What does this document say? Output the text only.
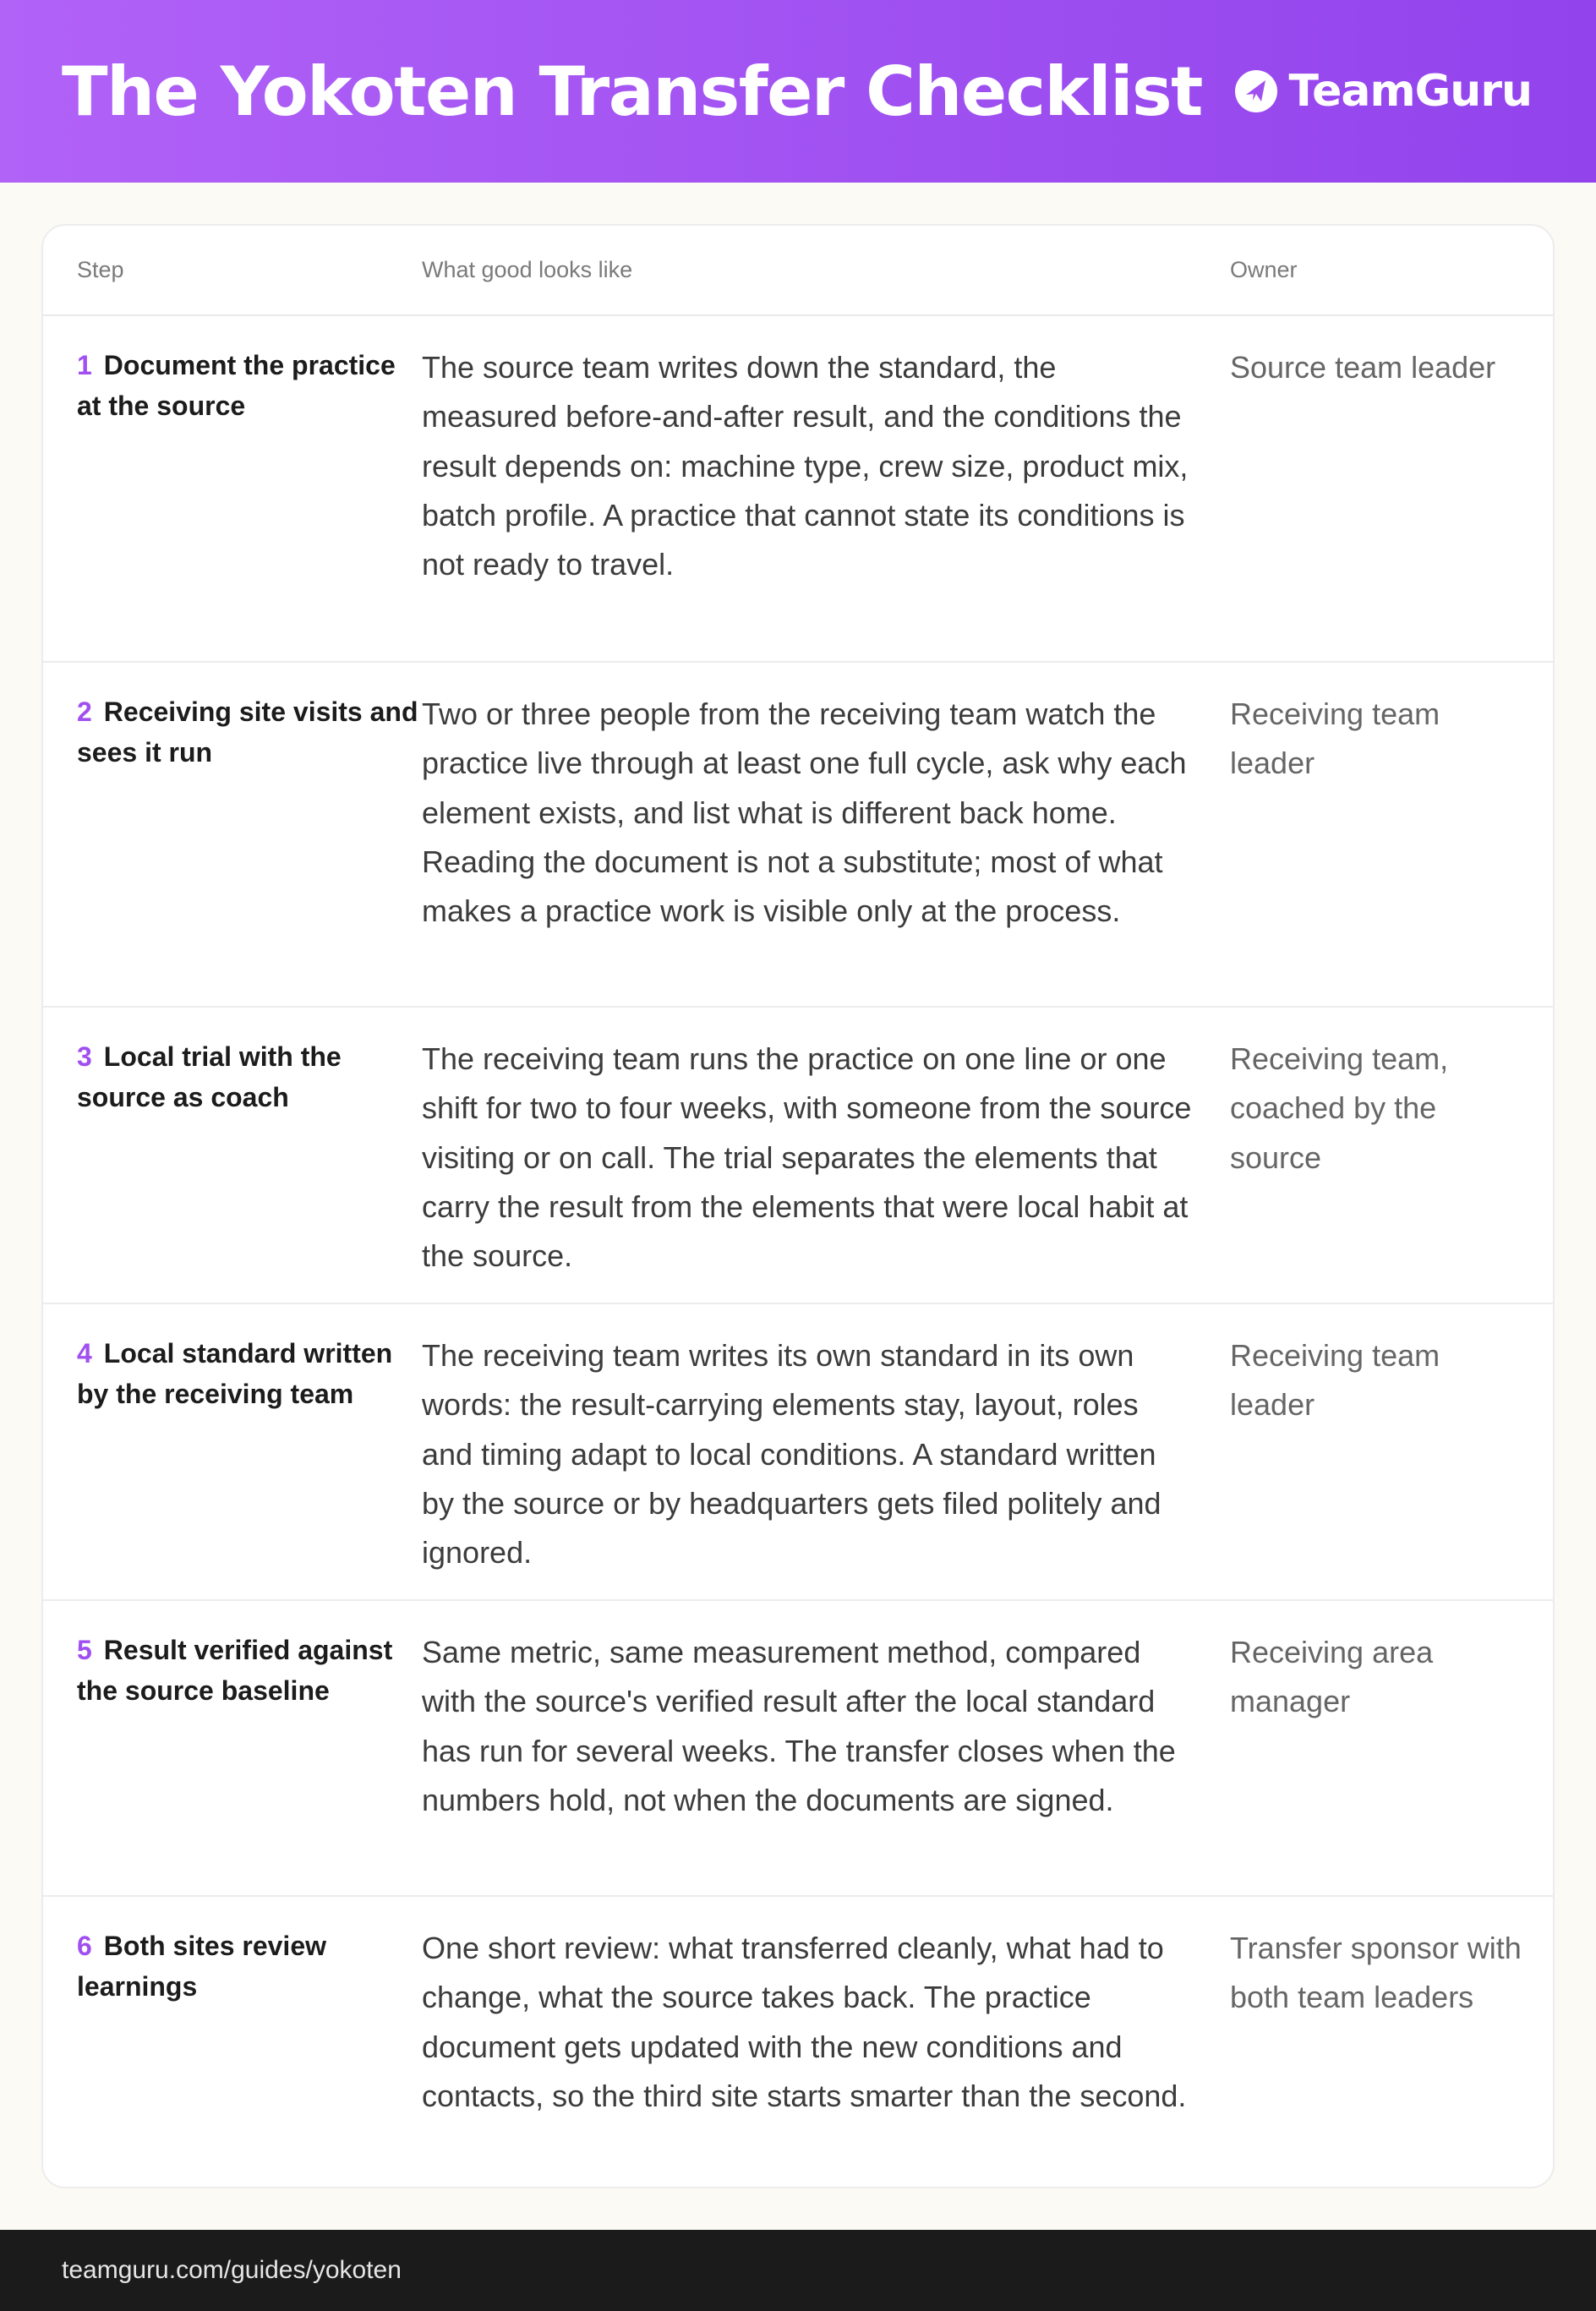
The Yokoten Transfer Checklist TeamGuru
Step	What good looks like	Owner
1 Document the practice at the source
The source team writes down the standard, the measured before-and-after result, and the conditions the result depends on: machine type, crew size, product mix, batch profile. A practice that cannot state its conditions is not ready to travel.
Source team leader
2 Receiving site visits and sees it run
Two or three people from the receiving team watch the practice live through at least one full cycle, ask why each element exists, and list what is different back home. Reading the document is not a substitute; most of what makes a practice work is visible only at the process.
Receiving team leader
3 Local trial with the source as coach
The receiving team runs the practice on one line or one shift for two to four weeks, with someone from the source visiting or on call. The trial separates the elements that carry the result from the elements that were local habit at the source.
Receiving team, coached by the source
4 Local standard written by the receiving team
The receiving team writes its own standard in its own words: the result-carrying elements stay, layout, roles and timing adapt to local conditions. A standard written by the source or by headquarters gets filed politely and ignored.
Receiving team leader
5 Result verified against the source baseline
Same metric, same measurement method, compared with the source's verified result after the local standard has run for several weeks. The transfer closes when the numbers hold, not when the documents are signed.
Receiving area manager
6 Both sites review learnings
One short review: what transferred cleanly, what had to change, what the source takes back. The practice document gets updated with the new conditions and contacts, so the third site starts smarter than the second.
Transfer sponsor with both team leaders
teamguru.com/guides/yokoten
